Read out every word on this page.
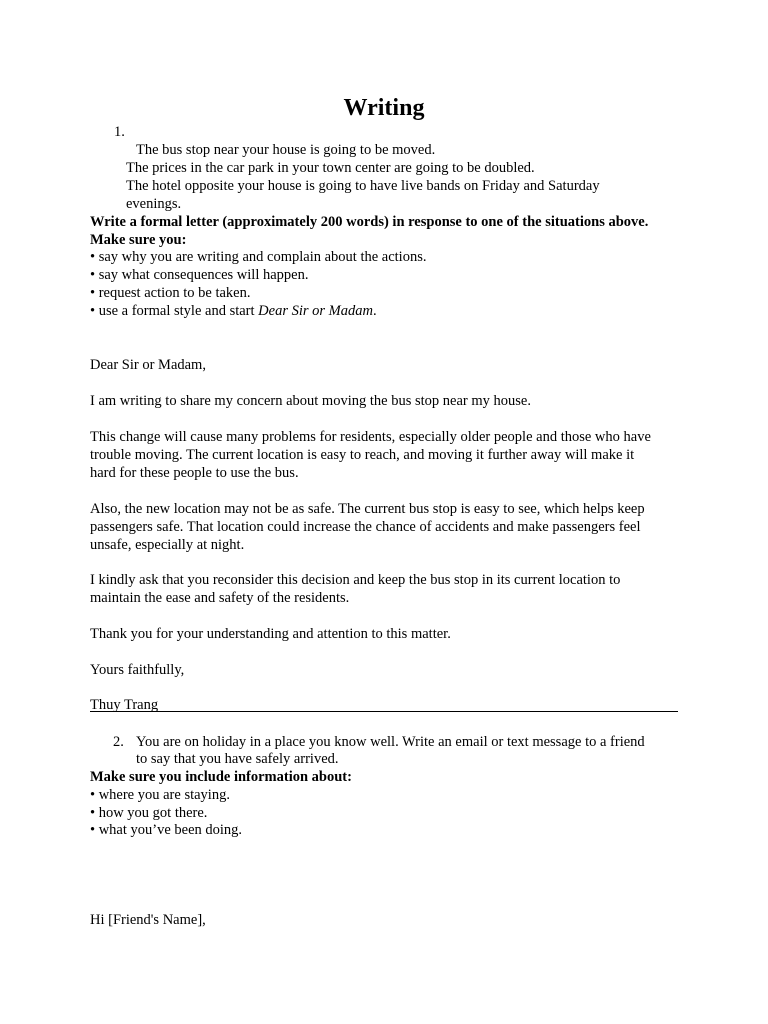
Writing
1.
The bus stop near your house is going to be moved.
The prices in the car park in your town center are going to be doubled.
The hotel opposite your house is going to have live bands on Friday and Saturday
evenings.
Write a formal letter (approximately 200 words) in response to one of the situations above.
Make sure you:
• say why you are writing and complain about the actions.
• say what consequences will happen.
• request action to be taken.
• use a formal style and start Dear Sir or Madam.
Dear Sir or Madam,
I am writing to share my concern about moving the bus stop near my house.
This change will cause many problems for residents, especially older people and those who have
trouble moving. The current location is easy to reach, and moving it further away will make it
hard for these people to use the bus.
Also, the new location may not be as safe. The current bus stop is easy to see, which helps keep
passengers safe. That location could increase the chance of accidents and make passengers feel
unsafe, especially at night.
I kindly ask that you reconsider this decision and keep the bus stop in its current location to
maintain the ease and safety of the residents.
Thank you for your understanding and attention to this matter.
Yours faithfully,
Thuy Trang
2. You are on holiday in a place you know well. Write an email or text message to a friend
to say that you have safely arrived.
Make sure you include information about:
• where you are staying.
• how you got there.
• what you’ve been doing.
Hi [Friend's Name],
